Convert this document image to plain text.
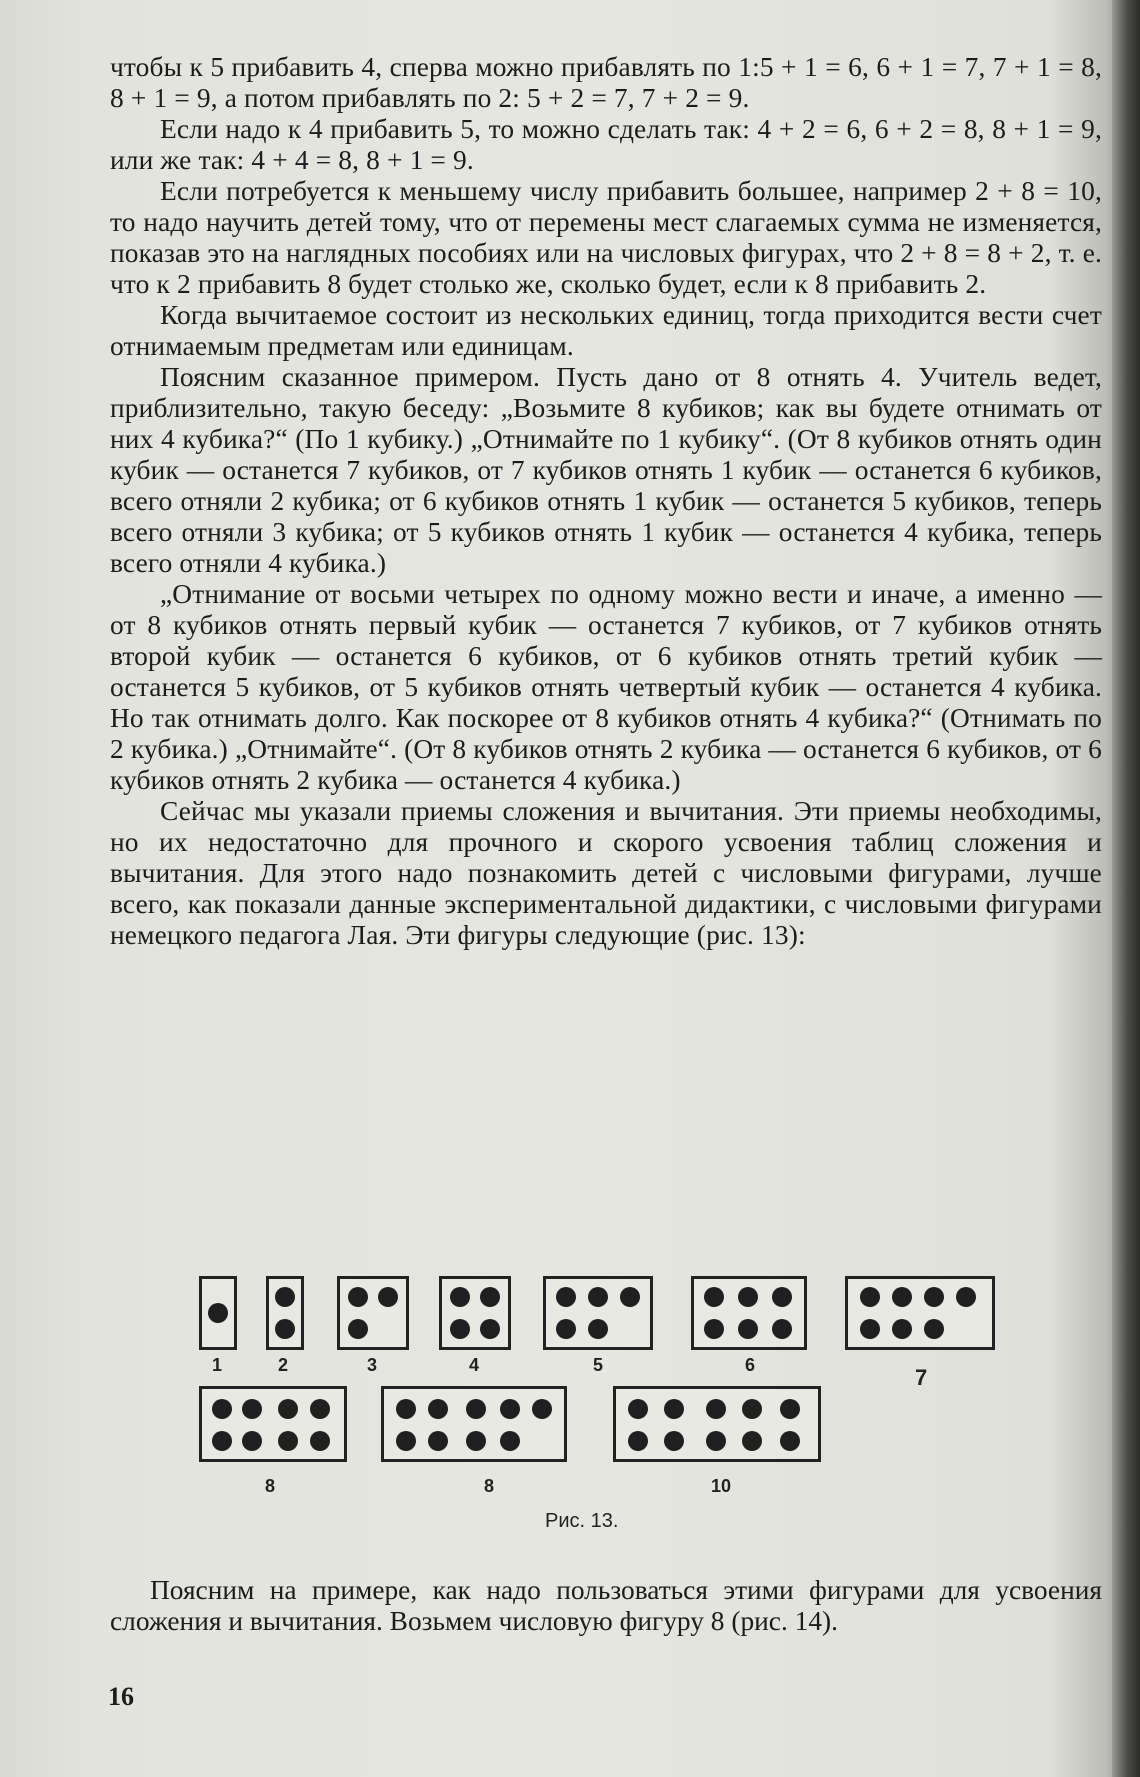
чтобы к 5 прибавить 4, сперва можно прибавлять по 1:5 + 1 = 6, 6 + 1 = 7, 7 + 1 = 8, 8 + 1 = 9, а потом прибавлять по 2: 5 + 2 = 7, 7 + 2 = 9.

Если надо к 4 прибавить 5, то можно сделать так: 4 + 2 = 6, 6 + 2 = 8, 8 + 1 = 9, или же так: 4 + 4 = 8, 8 + 1 = 9.

Если потребуется к меньшему числу прибавить большее, например 2 + 8 = 10, то надо научить детей тому, что от перемены мест слагаемых сумма не изменяется, показав это на наглядных пособиях или на числовых фигурах, что 2 + 8 = 8 + 2, т. е. что к 2 прибавить 8 будет столько же, сколько будет, если к 8 прибавить 2.

Когда вычитаемое состоит из нескольких единиц, тогда приходится вести счет отнимаемым предметам или единицам.

Поясним сказанное примером. Пусть дано от 8 отнять 4. Учитель ведет, приблизительно, такую беседу: „Возьмите 8 кубиков; как вы будете отнимать от них 4 кубика?“ (По 1 кубику.) „Отнимайте по 1 кубику“. (От 8 кубиков отнять один кубик — останется 7 кубиков, от 7 кубиков отнять 1 кубик — останется 6 кубиков, всего отняли 2 кубика; от 6 кубиков отнять 1 кубик — останется 5 кубиков, теперь всего отняли 3 кубика; от 5 кубиков отнять 1 кубик — останется 4 кубика, теперь всего отняли 4 кубика.)

„Отнимание от восьми четырех по одному можно вести и иначе, а именно — от 8 кубиков отнять первый кубик — останется 7 кубиков, от 7 кубиков отнять второй кубик — останется 6 кубиков, от 6 кубиков отнять третий кубик — останется 5 кубиков, от 5 кубиков отнять четвертый кубик — останется 4 кубика. Но так отнимать долго. Как поскорее от 8 кубиков отнять 4 кубика?“ (Отнимать по 2 кубика.) „Отнимайте“. (От 8 кубиков отнять 2 кубика — останется 6 кубиков, от 6 кубиков отнять 2 кубика — останется 4 кубика.)

Сейчас мы указали приемы сложения и вычитания. Эти приемы необходимы, но их недостаточно для прочного и скорого усвоения таблиц сложения и вычитания. Для этого надо познакомить детей с числовыми фигурами, лучше всего, как показали данные экспериментальной дидактики, с числовыми фигурами немецкого педагога Лая. Эти фигуры следующие (рис. 13):

1	2	3	4	5	6	7
8	8	10
Рис. 13.

Поясним на примере, как надо пользоваться этими фигурами для усвоения сложения и вычитания. Возьмем числовую фигуру 8 (рис. 14).

16
